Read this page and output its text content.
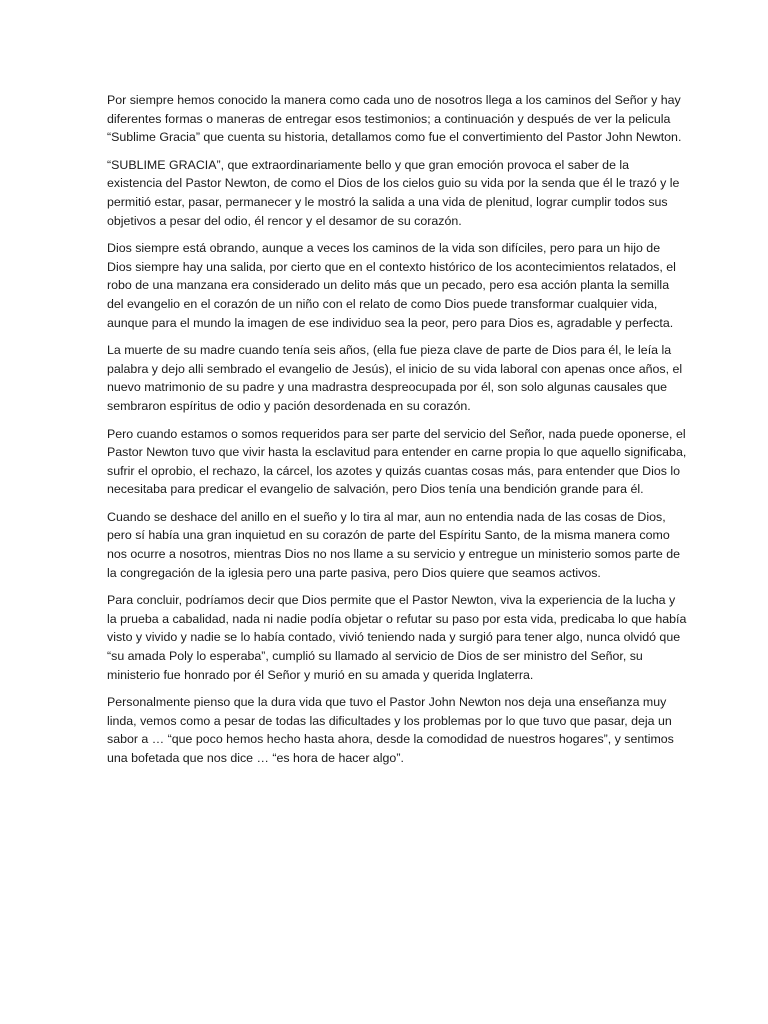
Por siempre hemos conocido la manera como cada uno de nosotros llega a los caminos del Señor y hay diferentes formas o maneras de entregar esos testimonios; a continuación y después de ver la pelicula “Sublime Gracia” que cuenta su historia, detallamos como fue el convertimiento del Pastor John Newton.

“SUBLIME GRACIA”, que extraordinariamente bello y que gran emoción provoca el saber de la existencia del Pastor Newton, de como el Dios de los cielos guio su vida por la senda que él le trazó y le permitió estar, pasar, permanecer y le mostró la salida a una vida de plenitud, lograr cumplir todos sus objetivos a pesar del odio, él rencor y el desamor de su corazón.

Dios siempre está obrando, aunque a veces los caminos de la vida son difíciles, pero para un hijo de Dios siempre hay una salida, por cierto que en el contexto histórico de los acontecimientos relatados, el robo de una manzana era considerado un delito más que un pecado, pero esa acción planta la semilla del evangelio en el corazón de un niño con el relato de como Dios puede transformar cualquier vida, aunque para el mundo la imagen de ese individuo sea la peor, pero para Dios es, agradable y perfecta.

La muerte de su madre cuando tenía seis años, (ella fue pieza clave de parte de Dios para él, le leía la palabra y dejo alli sembrado el evangelio de Jesús), el inicio de su vida laboral con apenas once años, el nuevo matrimonio de su padre y una madrastra despreocupada por él, son solo algunas causales que sembraron espíritus de odio y pación desordenada en su corazón.

Pero cuando estamos o somos requeridos para ser parte del servicio del Señor, nada puede oponerse, el Pastor Newton tuvo que vivir hasta la esclavitud para entender en carne propia lo que aquello significaba, sufrir el oprobio, el rechazo, la cárcel, los azotes y quizás cuantas cosas más, para entender que Dios lo necesitaba para predicar el evangelio de salvación, pero Dios tenía una bendición grande para él.

Cuando se deshace del anillo en el sueño y lo tira al mar, aun no entendia nada de las cosas de Dios, pero sí había una gran inquietud en su corazón de parte del Espíritu Santo, de la misma manera como nos ocurre a nosotros, mientras Dios no nos llame a su servicio y entregue un ministerio somos parte de la congregación de la iglesia pero una parte pasiva, pero Dios quiere que seamos activos.

Para concluir, podríamos decir que Dios permite que el Pastor Newton, viva la experiencia de la lucha y la prueba a cabalidad, nada ni nadie podía objetar o refutar su paso por esta vida, predicaba lo que había visto y vivido y nadie se lo había contado, vivió teniendo nada y surgió para tener algo, nunca olvidó que “su amada Poly lo esperaba”, cumplió su llamado al servicio de Dios de ser ministro del Señor, su ministerio fue honrado por él Señor y murió en su amada y querida Inglaterra.

Personalmente pienso que la dura vida que tuvo el Pastor John Newton nos deja una enseñanza muy linda, vemos como a pesar de todas las dificultades y los problemas por lo que tuvo que pasar, deja un sabor a … “que poco hemos hecho hasta ahora, desde la comodidad de nuestros hogares”, y sentimos una bofetada que nos dice … “es hora de hacer algo”.
